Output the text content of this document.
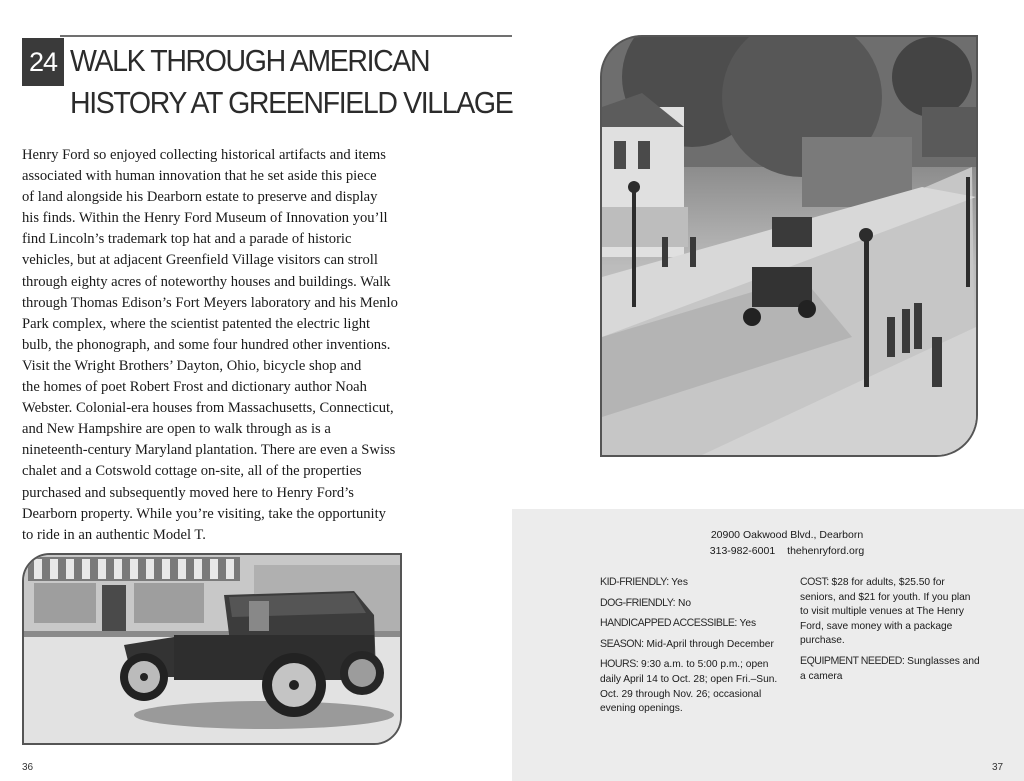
24 WALK THROUGH AMERICAN
HISTORY AT GREENFIELD VILLAGE
Henry Ford so enjoyed collecting historical artifacts and items
associated with human innovation that he set aside this piece
of land alongside his Dearborn estate to preserve and display
his finds. Within the Henry Ford Museum of Innovation you’ll
find Lincoln’s trademark top hat and a parade of historic
vehicles, but at adjacent Greenfield Village visitors can stroll
through eighty acres of noteworthy houses and buildings. Walk
through Thomas Edison’s Fort Meyers laboratory and his Menlo
Park complex, where the scientist patented the electric light
bulb, the phonograph, and some four hundred other inventions.
Visit the Wright Brothers’ Dayton, Ohio, bicycle shop and
the homes of poet Robert Frost and dictionary author Noah
Webster. Colonial-era houses from Massachusetts, Connecticut,
and New Hampshire are open to walk through as is a
nineteenth-century Maryland plantation. There are even a Swiss
chalet and a Cotswold cottage on-site, all of the properties
purchased and subsequently moved here to Henry Ford’s
Dearborn property. While you’re visiting, take the opportunity
to ride in an authentic Model T.	20900 Oakwood Blvd., Dearborn
313-982-6001 thehenryford.org
KID-FRIENDLY: Yes
DOG-FRIENDLY: No
HANDICAPPED ACCESSIBLE: Yes
SEASON: Mid-April through December
HOURS: 9:30 a.m. to 5:00 p.m.; open daily April 14 to Oct. 28; open Fri.–Sun. Oct. 29 through Nov. 26; occasional evening openings.
COST: $28 for adults, $25.50 for seniors, and $21 for youth. If you plan to visit multiple venues at The Henry Ford, save money with a package purchase.
EQUIPMENT NEEDED: Sunglasses and a camera
36	37
